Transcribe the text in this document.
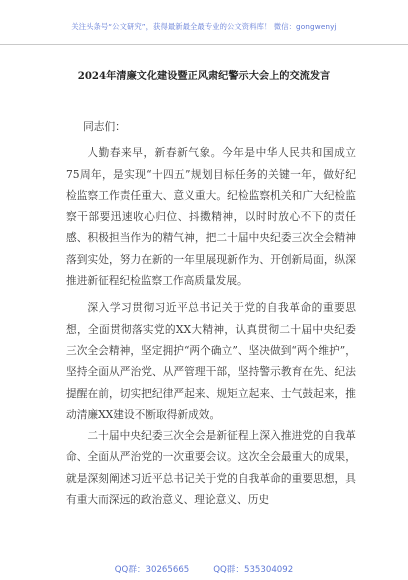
关注头条号“公文研究”，获得最新最全最专业的公文资料库！ 微信：gongwenyj
2024年清廉文化建设暨正风肃纪警示大会上的交流发言

同志们：

人勤春来早，新春新气象。今年是中华人民共和国成立75周年，是实现“十四五”规划目标任务的关键一年，做好纪检监察工作责任重大、意义重大。纪检监察机关和广大纪检监察干部要迅速收心归位、抖擞精神，以时时放心不下的责任感、积极担当作为的精气神，把二十届中央纪委三次全会精神落到实处，努力在新的一年里展现新作为、开创新局面，纵深推进新征程纪检监察工作高质量发展。

深入学习贯彻习近平总书记关于党的自我革命的重要思想，全面贯彻落实党的XX大精神，认真贯彻二十届中央纪委三次全会精神，坚定拥护“两个确立”、坚决做到“两个维护”，坚持全面从严治党、从严管理干部，坚持警示教育在先、纪法提醒在前，切实把纪律严起来、规矩立起来、士气鼓起来，推动清廉XX建设不断取得新成效。

二十届中央纪委三次全会是新征程上深入推进党的自我革命、全面从严治党的一次重要会议。这次全会最重大的成果，就是深刻阐述习近平总书记关于党的自我革命的重要思想，具有重大而深远的政治意义、理论意义、历史

QQ群：30265665	QQ群：535304092
